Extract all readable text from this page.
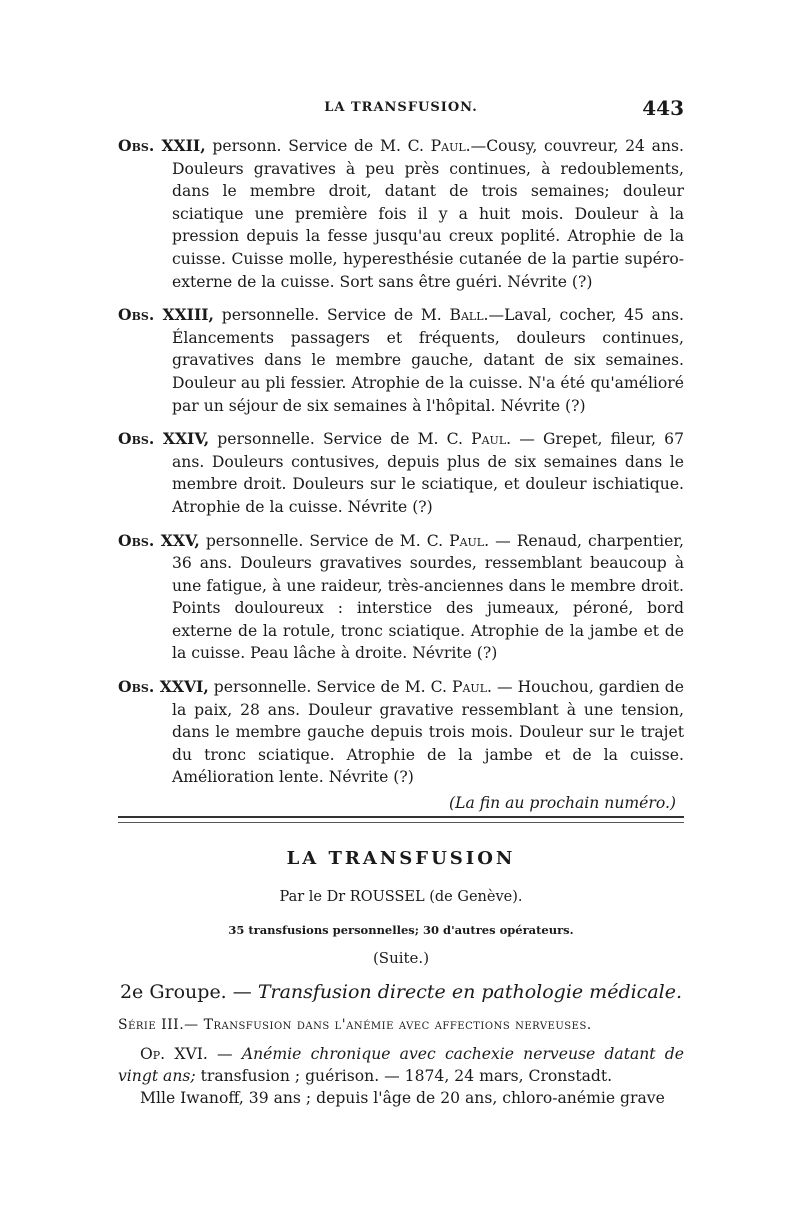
LA TRANSFUSION.	443

Obs. XXII, personn. Service de M. C. Paul.—Cousy, couvreur, 24 ans. Douleurs gravatives à peu près continues, à redoublements, dans le membre droit, datant de trois semaines; douleur sciatique une première fois il y a huit mois. Douleur à la pression depuis la fesse jusqu'au creux poplité. Atrophie de la cuisse. Cuisse molle, hyperesthésie cutanée de la partie supéro-externe de la cuisse. Sort sans être guéri. Névrite (?)

Obs. XXIII, personnelle. Service de M. Ball.—Laval, cocher, 45 ans. Élancements passagers et fréquents, douleurs continues, gravatives dans le membre gauche, datant de six semaines. Douleur au pli fessier. Atrophie de la cuisse. N'a été qu'amélioré par un séjour de six semaines à l'hôpital. Névrite (?)

Obs. XXIV, personnelle. Service de M. C. Paul. — Grepet, fileur, 67 ans. Douleurs contusives, depuis plus de six semaines dans le membre droit. Douleurs sur le sciatique, et douleur ischiatique. Atrophie de la cuisse. Névrite (?)

Obs. XXV, personnelle. Service de M. C. Paul. — Renaud, charpentier, 36 ans. Douleurs gravatives sourdes, ressemblant beaucoup à une fatigue, à une raideur, très-anciennes dans le membre droit. Points douloureux : interstice des jumeaux, péroné, bord externe de la rotule, tronc sciatique. Atrophie de la jambe et de la cuisse. Peau lâche à droite. Névrite (?)

Obs. XXVI, personnelle. Service de M. C. Paul. — Houchou, gardien de la paix, 28 ans. Douleur gravative ressemblant à une tension, dans le membre gauche depuis trois mois. Douleur sur le trajet du tronc sciatique. Atrophie de la jambe et de la cuisse. Amélioration lente. Névrite (?)

(La fin au prochain numéro.)
LA TRANSFUSION
Par le Dr ROUSSEL (de Genève).
35 transfusions personnelles; 30 d'autres opérateurs.
(Suite.)
2e Groupe. — Transfusion directe en pathologie médicale.
Série III.— Transfusion dans l'anémie avec affections nerveuses.
Op. XVI. — Anémie chronique avec cachexie nerveuse datant de vingt ans; transfusion ; guérison. — 1874, 24 mars, Cronstadt.
Mlle Iwanoff, 39 ans ; depuis l'âge de 20 ans, chloro-anémie grave
